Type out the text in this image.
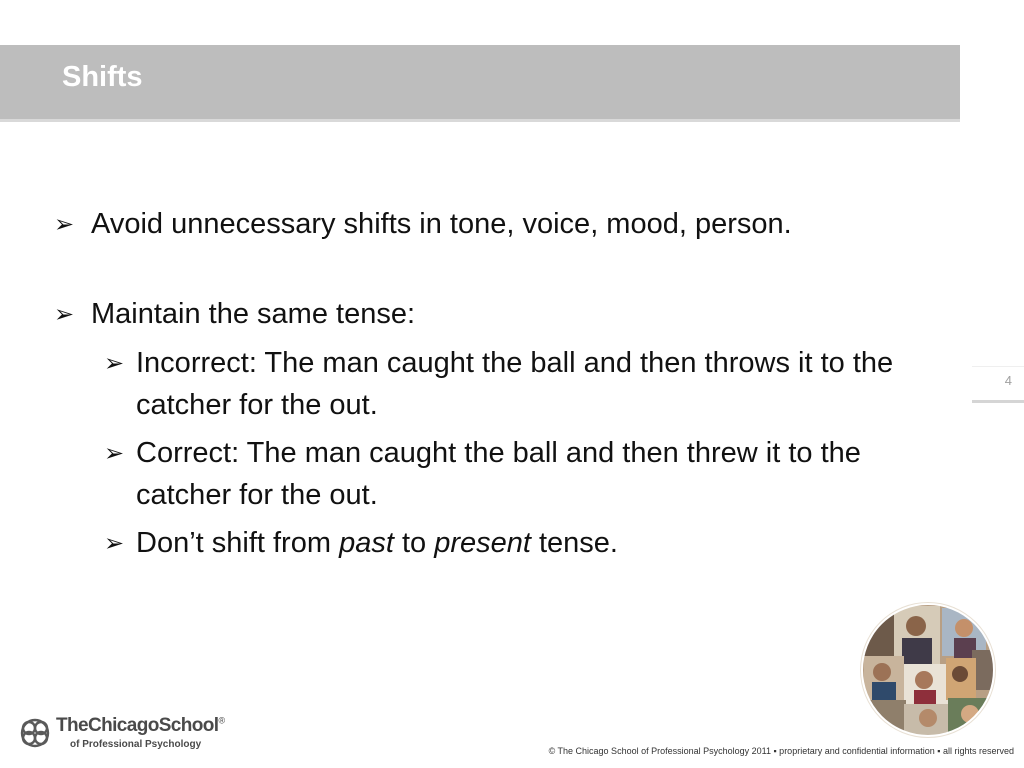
Shifts
➢ Avoid unnecessary shifts in tone, voice, mood, person.
➢ Maintain the same tense:
➢ Incorrect: The man caught the ball and then throws it to the catcher for the out.
➢ Correct: The man caught the ball and then threw it to the catcher for the out.
➢ Don’t shift from past to present tense.
4
TheChicagoSchool®
of Professional Psychology
© The Chicago School of Professional Psychology 2011 ▪ proprietary and confidential information ▪ all rights reserved
